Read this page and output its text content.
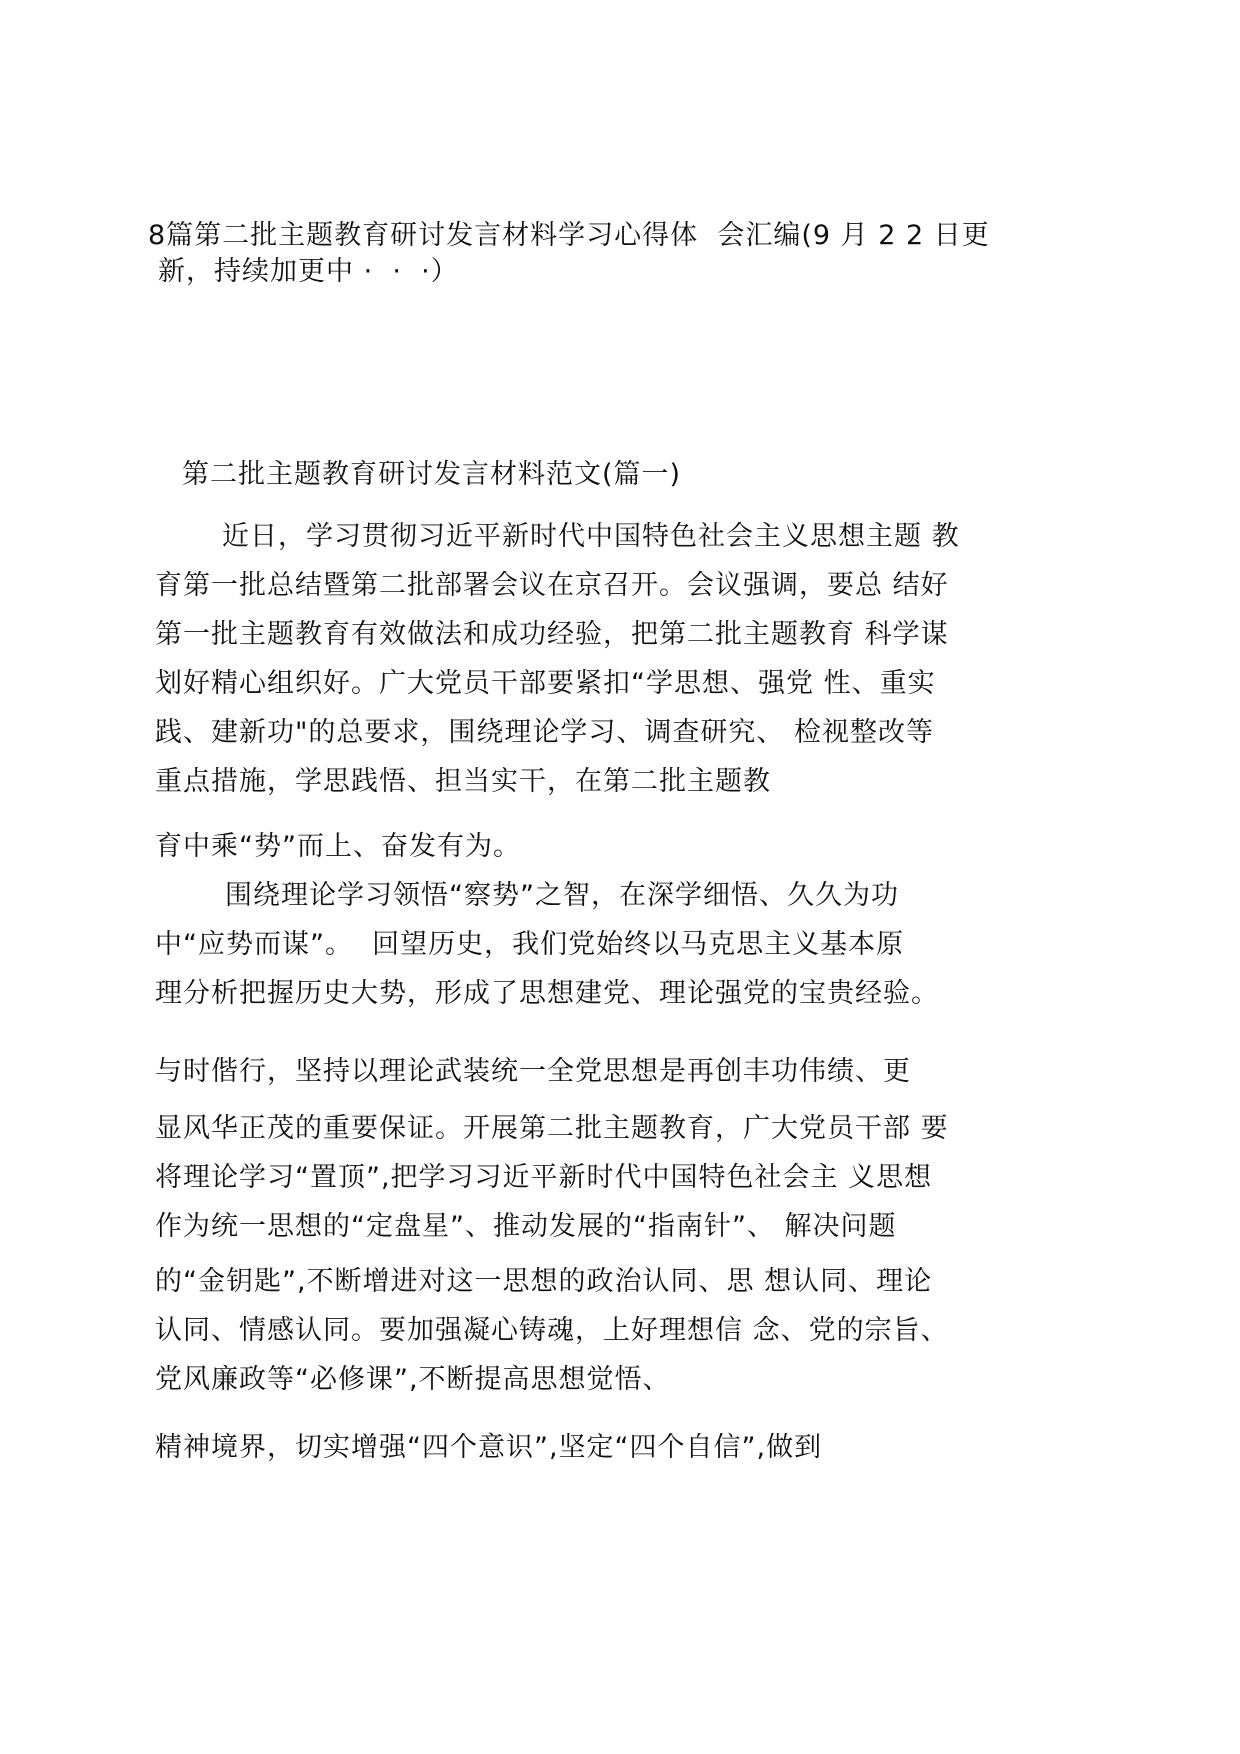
8篇第二批主题教育研讨发言材料学习心得体  会汇编(9 月 2 2 日更
新，持续加更中 ·  ·  ·）
第二批主题教育研讨发言材料范文(篇一)
近日，学习贯彻习近平新时代中国特色社会主义思想主题 教
育第一批总结暨第二批部署会议在京召开。会议强调，要总 结好
第一批主题教育有效做法和成功经验，把第二批主题教育 科学谋
划好精心组织好。广大党员干部要紧扣“学思想、强党 性、重实
践、建新功"的总要求，围绕理论学习、调查研究、 检视整改等
重点措施，学思践悟、担当实干，在第二批主题教
育中乘“势”而上、奋发有为。
围绕理论学习领悟“察势”之智，在深学细悟、久久为功
中“应势而谋”。  回望历史，我们党始终以马克思主义基本原
理分析把握历史大势，形成了思想建党、理论强党的宝贵经验。
与时偕行，坚持以理论武装统一全党思想是再创丰功伟绩、更
显风华正茂的重要保证。开展第二批主题教育，广大党员干部 要
将理论学习“置顶”,把学习习近平新时代中国特色社会主 义思想
作为统一思想的“定盘星”、推动发展的“指南针”、 解决问题
的“金钥匙”,不断增进对这一思想的政治认同、思 想认同、理论
认同、情感认同。要加强凝心铸魂，上好理想信 念、党的宗旨、
党风廉政等“必修课”,不断提高思想觉悟、
精神境界，切实增强“四个意识”,坚定“四个自信”,做到
